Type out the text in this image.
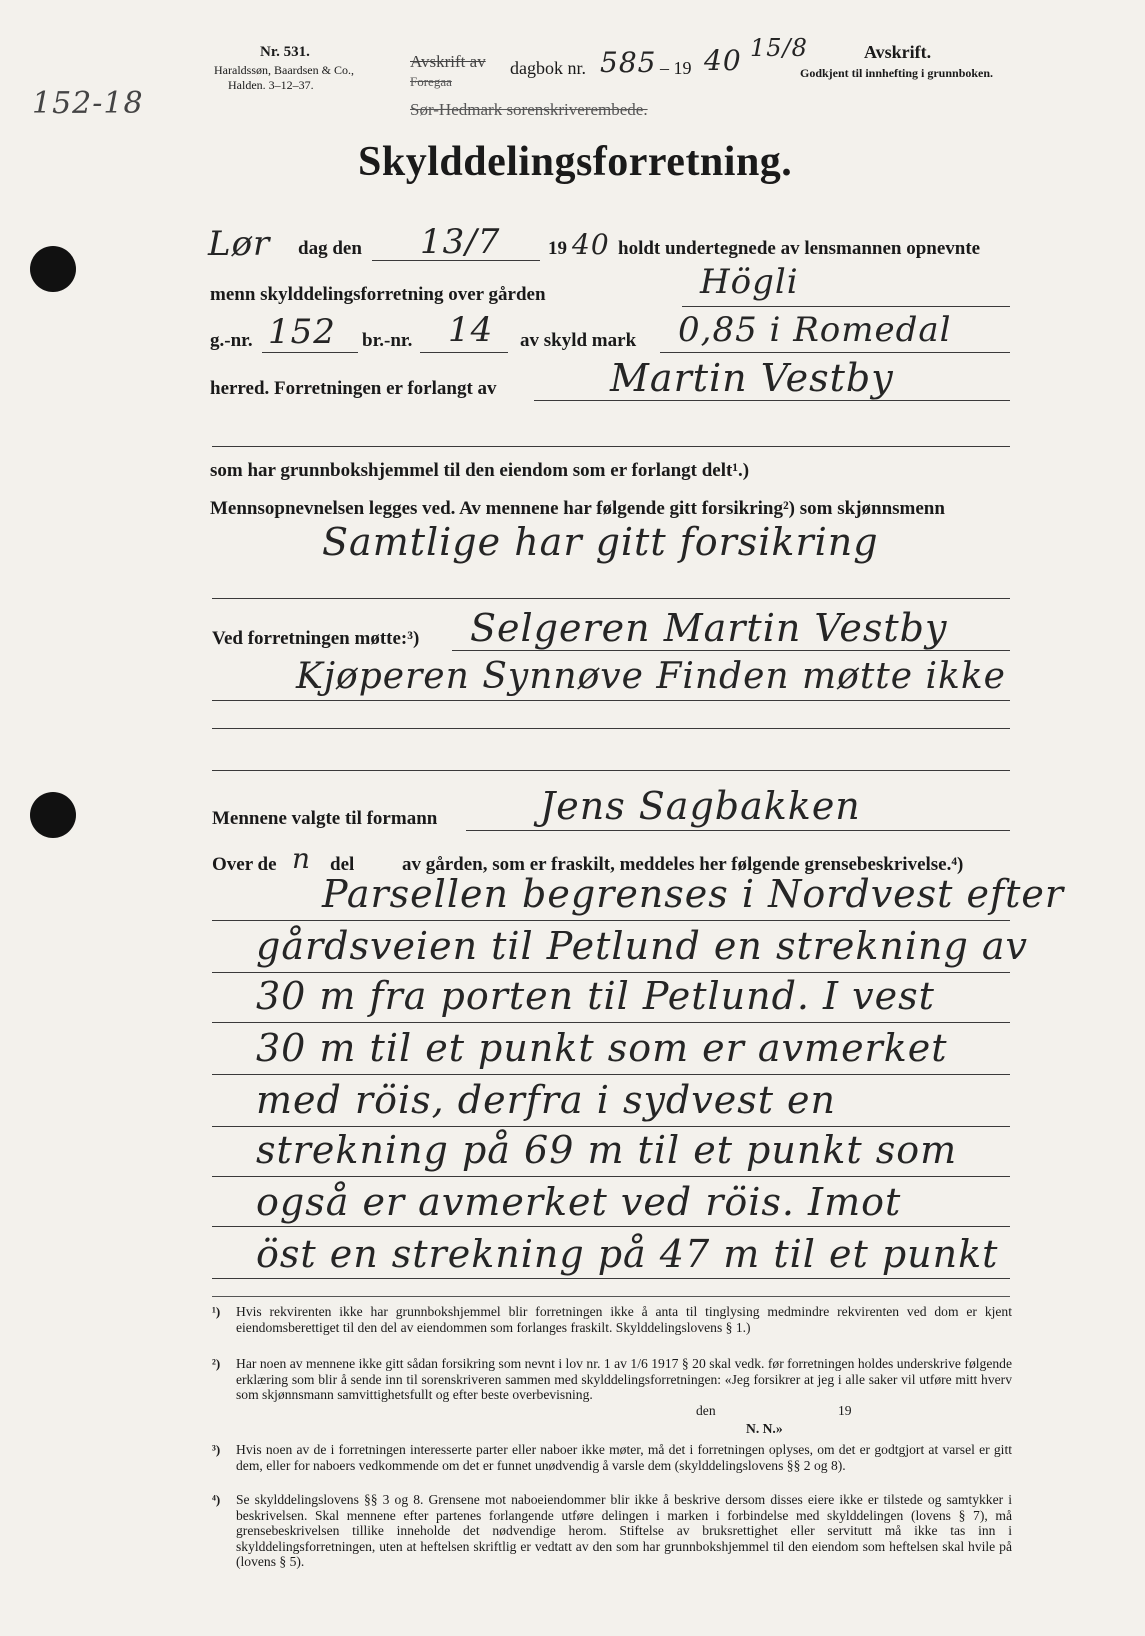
152-18
Nr. 531.
Haraldssøn, Baardsen & Co.,
Halden. 3–12–37.
Avskrift av
Foregaa
dagbok nr. 585 – 19 40 15/8
Sør-Hedmark sorenskriverembede.
Avskrift.
Godkjent til innhefting i grunnboken.
Skylddelingsforretning.
Lør dag den 13/7	19 40 holdt undertegnede av lensmannen opnevnte
menn skylddelingsforretning over gården	Högli
g.-nr. 152 br.-nr. 14 av skyld mark 0,85 i Romedal
herred. Forretningen er forlangt av	Martin Vestby
som har grunnbokshjemmel til den eiendom som er forlangt delt¹.)
Mennsopnevnelsen legges ved. Av mennene har følgende gitt forsikring²) som skjønnsmenn
Samtlige har gitt forsikring
Ved forretningen møtte:³) Selgeren Martin Vestby
Kjøperen Synnøve Finden møtte ikke
Mennene valgte til formann	Jens Sagbakken
Over de n del	av gården, som er fraskilt, meddeles her følgende grensebeskrivelse.⁴)
Parsellen begrenses i Nordvest efter
gårdsveien til Petlund en strekning av
30 m fra porten til Petlund. I vest
30 m til et punkt som er avmerket
med röis, derfra i sydvest en
strekning på 69 m til et punkt som
også er avmerket ved röis. Imot
öst en strekning på 47 m til et punkt
¹) Hvis rekvirenten ikke har grunnbokshjemmel blir forretningen ikke å anta til tinglysing medmindre rekvirenten ved dom er kjent eiendomsberettiget til den del av eiendommen som forlanges fraskilt. Skylddelingslovens § 1.)
²) Har noen av mennene ikke gitt sådan forsikring som nevnt i lov nr. 1 av 1/6 1917 § 20 skal vedk. før forretningen holdes underskrive følgende erklæring som blir å sende inn til sorenskriveren sammen med skylddelingsforretningen: «Jeg forsikrer at jeg i alle saker vil utføre mitt hverv som skjønnsmann samvittighetsfullt og efter beste overbevisning.
den	19
N. N.»
³) Hvis noen av de i forretningen interesserte parter eller naboer ikke møter, må det i forretningen oplyses, om det er godtgjort at varsel er gitt dem, eller for naboers vedkommende om det er funnet unødvendig å varsle dem (skylddelingslovens §§ 2 og 8).
⁴) Se skylddelingslovens §§ 3 og 8. Grensene mot naboeiendommer blir ikke å beskrive dersom disses eiere ikke er tilstede og samtykker i beskrivelsen. Skal mennene efter partenes forlangende utføre delingen i marken i forbindelse med skylddelingen (lovens § 7), må grensebeskrivelsen tillike inneholde det nødvendige herom. Stiftelse av bruksrettighet eller servitutt må ikke tas inn i skylddelingsforretningen, uten at heftelsen skriftlig er vedtatt av den som har grunnbokshjemmel til den eiendom som heftelsen skal hvile på (lovens § 5).
